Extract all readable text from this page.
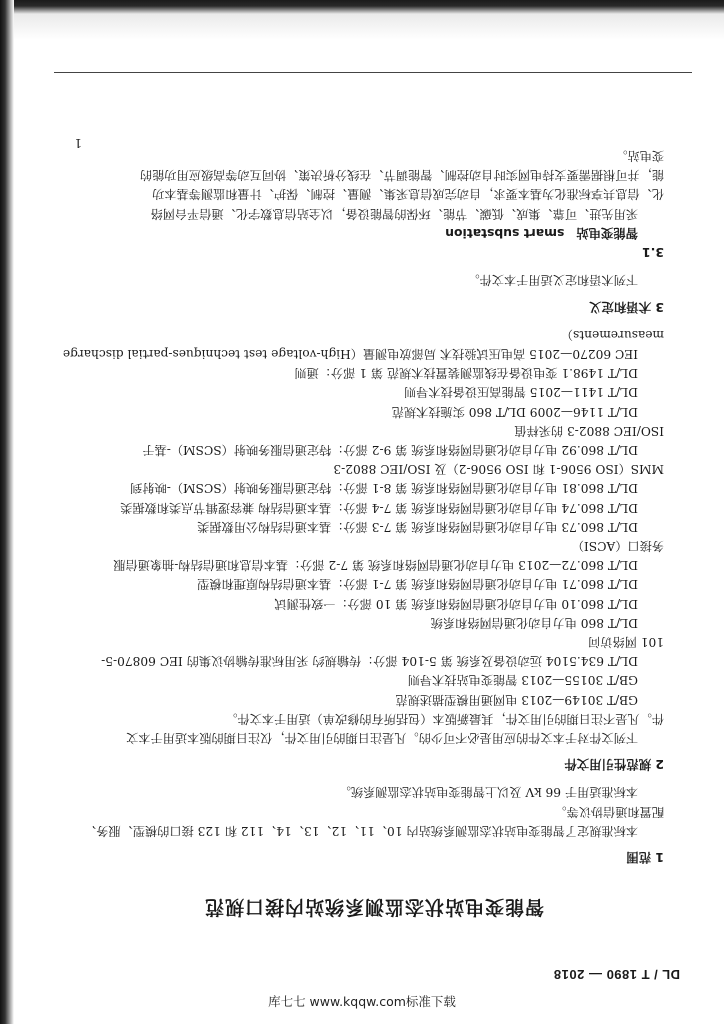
DL / T 1890 — 2018
智能变电站状态监测系统站内接口规范

1 范围

本标准规定了智能变电站状态监测系统站内 10、11、12、13、14、112 和 123 接口的模型、服务、

配置和通信协议等。

本标准适用于 66 kV 及以上智能变电站状态监测系统。

2 规范性引用文件

下列文件对于本文件的应用是必不可少的。凡是注日期的引用文件，仅注日期的版本适用于本文

件。凡是不注日期的引用文件，其最新版本（包括所有的修改单）适用于本文件。

GB/T 30149—2013 电网通用模型描述规范

GB/T 30155—2013 智能变电站技术导则

DL/T 634.5104 远动设备及系统 第 5-104 部分：传输规约 采用标准传输协议集的 IEC 60870-5-

101 网络访问

DL/T 860 电力自动化通信网络和系统

DL/T 860.10 电力自动化通信网络和系统 第 10 部分：一致性测试

DL/T 860.71 电力自动化通信网络和系统 第 7-1 部分：基本通信结构原理和模型

DL/T 860.72—2013 电力自动化通信网络和系统 第 7-2 部分：基本信息和通信结构-抽象通信服

务接口（ACSI）

DL/T 860.73 电力自动化通信网络和系统 第 7-3 部分：基本通信结构公用数据类

DL/T 860.74 电力自动化通信网络和系统 第 7-4 部分：基本通信结构 兼容逻辑节点类和数据类

DL/T 860.81 电力自动化通信网络和系统 第 8-1 部分：特定通信服务映射（SCSM）-映射到

MMS（ISO 9506-1 和 ISO 9506-2）及 ISO/IEC 8802-3

DL/T 860.92 电力自动化通信网络和系统 第 9-2 部分：特定通信服务映射（SCSM）-基于

ISO/IEC 8802-3 的采样值

DL/T 1146—2009 DL/T 860 实施技术规范

DL/T 1411—2015 智能高压设备技术导则

DL/T 1498.1 变电设备在线监测装置技术规范 第 1 部分：通则

IEC 60270—2015 高电压试验技术 局部放电测量（High-voltage test techniques-partial discharge

measurements）

3 术语和定义

下列术语和定义适用于本文件。

3.1

智能变电站   smart substation

采用先进、可靠、集成、低碳、节能、环保的智能设备，以全站信息数字化、通信平台网络

化、信息共享标准化为基本要求，自动完成信息采集、测量、控制、保护、计量和监测等基本功

能，并可根据需要支持电网实时自动控制、智能调节、在线分析决策、协同互动等高级应用功能的

变电站。

1
库七七 www.kqqw.com标准下载
